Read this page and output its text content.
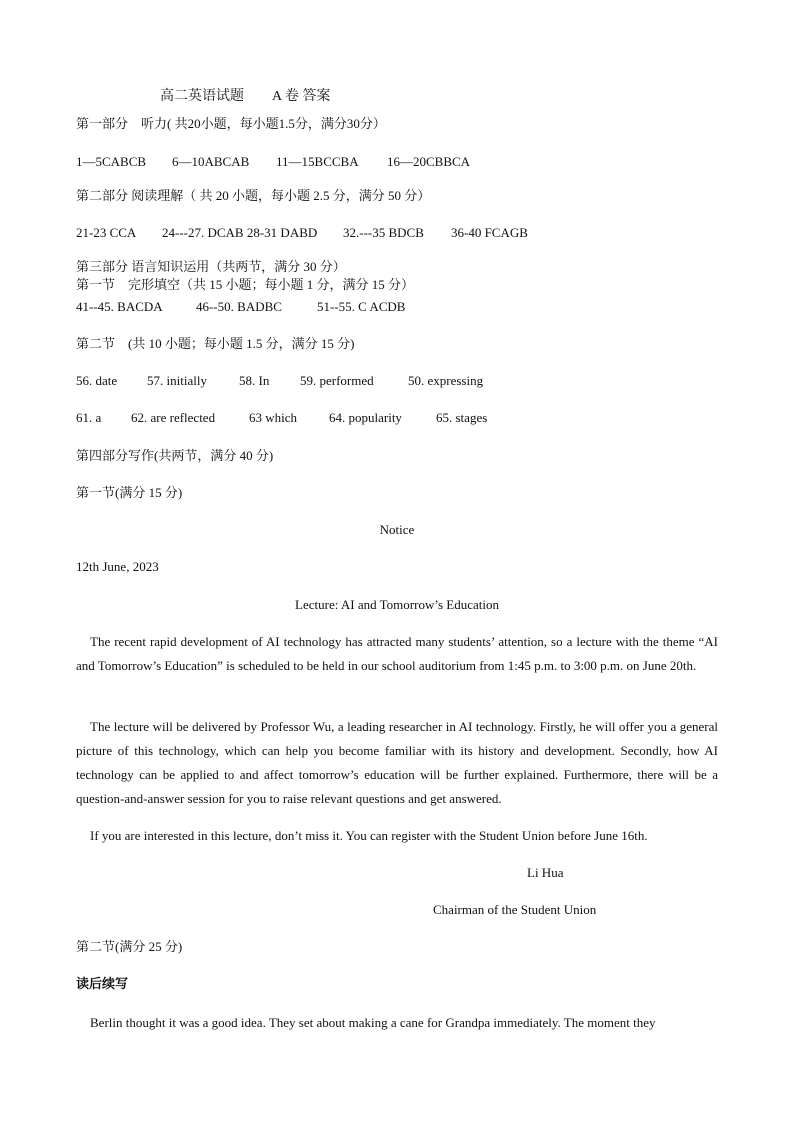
高二英语试题 A 卷 答案
第一部分　听力( 共20小题，每小题1.5分，满分30分）
1—5CABCB 6—10ABCAB 11—15BCCBA 16—20CBBCA
第二部分 阅读理解（ 共 20 小题，每小题 2.5 分，满分 50 分）
21-23 CCA 24---27. DCAB 28-31 DABD 32.---35 BDCB 36-40 FCAGB
第三部分 语言知识运用（共两节，满分 30 分）
第一节　完形填空（共 15 小题；每小题 1 分，满分 15 分）
41--45. BACDA	46--50. BADBC	51--55. C ACDB
第二节　(共 10 小题；每小题 1.5 分，满分 15 分)
56. date 57. initially 58. In 59. performed	50. expressing
61. a 62. are reflected	63 which 64. popularity	65. stages
第四部分写作(共两节，满分 40 分)
第一节(满分 15 分)
Notice
12th June, 2023
Lecture: AI and Tomorrow’s Education
The recent rapid development of AI technology has attracted many students’ attention, so a lecture with the theme “AI and Tomorrow’s Education” is scheduled to be held in our school auditorium from 1:45 p.m. to 3:00 p.m. on June 20th.
The lecture will be delivered by Professor Wu, a leading researcher in AI technology. Firstly, he will offer you a general picture of this technology, which can help you become familiar with its history and development. Secondly, how AI technology can be applied to and affect tomorrow’s education will be further explained. Furthermore, there will be a question-and-answer session for you to raise relevant questions and get answered.
If you are interested in this lecture, don’t miss it. You can register with the Student Union before June 16th.
Li Hua
Chairman of the Student Union
第二节(满分 25 分)
读后续写
Berlin thought it was a good idea. They set about making a cane for Grandpa immediately. The moment they
